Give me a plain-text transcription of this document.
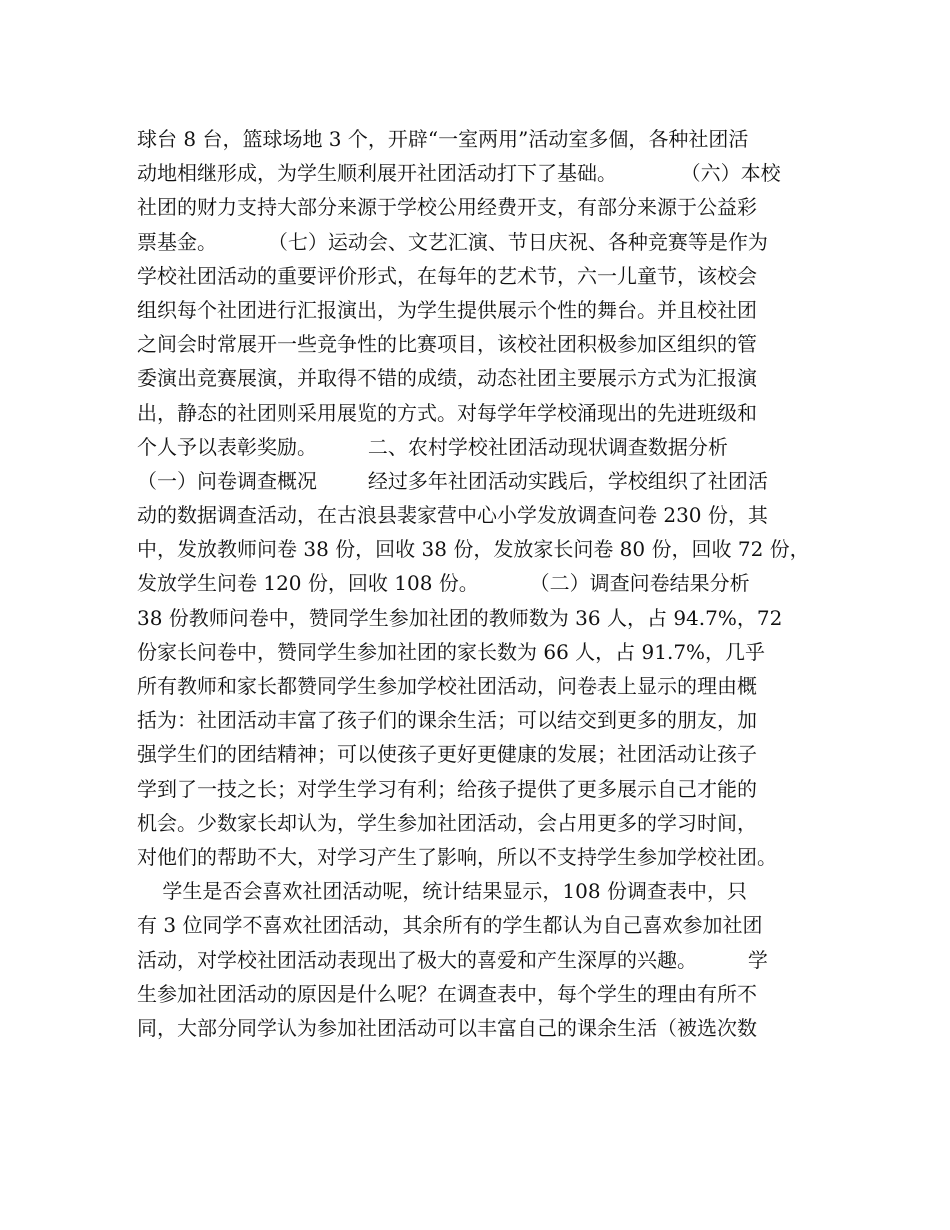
球台 8 台，篮球场地 3 个，开辟“一室两用”活动室多個，各种社团活
动地相继形成，为学生顺利展开社团活动打下了基础。          （六）本校
社团的财力支持大部分来源于学校公用经费开支，有部分来源于公益彩
票基金。        （七）运动会、文艺汇演、节日庆祝、各种竞赛等是作为
学校社团活动的重要评价形式，在每年的艺术节，六一儿童节，该校会
组织每个社团进行汇报演出，为学生提供展示个性的舞台。并且校社团
之间会时常展开一些竞争性的比赛项目，该校社团积极参加区组织的管
委演出竞赛展演，并取得不错的成绩，动态社团主要展示方式为汇报演
出，静态的社团则采用展览的方式。对每学年学校涌现出的先进班级和
个人予以表彰奖励。        二、农村学校社团活动现状调查数据分析
（一）问卷调查概况        经过多年社团活动实践后，学校组织了社团活
动的数据调查活动，在古浪县裴家营中心小学发放调查问卷 230 份，其
中，发放教师问卷 38 份，回收 38 份，发放家长问卷 80 份，回收 72 份，
发放学生问卷 120 份，回收 108 份。        （二）调查问卷结果分析
38 份教师问卷中，赞同学生参加社团的教师数为 36 人，占 94.7%，72
份家长问卷中，赞同学生参加社团的家长数为 66 人，占 91.7%，几乎
所有教师和家长都赞同学生参加学校社团活动，问卷表上显示的理由概
括为：社团活动丰富了孩子们的课余生活；可以结交到更多的朋友，加
强学生们的团结精神；可以使孩子更好更健康的发展；社团活动让孩子
学到了一技之长；对学生学习有利；给孩子提供了更多展示自己才能的
机会。少数家长却认为，学生参加社团活动，会占用更多的学习时间，
对他们的帮助不大，对学习产生了影响，所以不支持学生参加学校社团。
学生是否会喜欢社团活动呢，统计结果显示，108 份调查表中，只
有 3 位同学不喜欢社团活动，其余所有的学生都认为自己喜欢参加社团
活动，对学校社团活动表现出了极大的喜爱和产生深厚的兴趣。        学
生参加社团活动的原因是什么呢？在调查表中，每个学生的理由有所不
同，大部分同学认为参加社团活动可以丰富自己的课余生活（被选次数
